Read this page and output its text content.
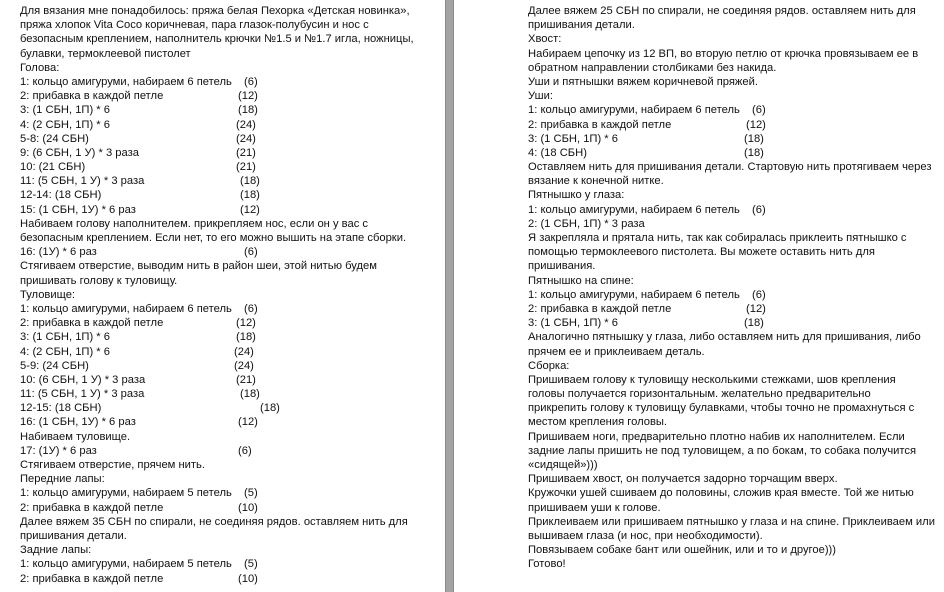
Для вязания мне понадобилось: пряжа белая Пехорка «Детская новинка»,
пряжа хлопок Vita Coco коричневая, пара глазок-полубусин и нос с
безопасным креплением, наполнитель крючки №1.5 и №1.7 игла, ножницы,
булавки, термоклеевой пистолет
Голова:
1: кольцо амигуруми, набираем 6 петель (6)
2: прибавка в каждой петле	(12)
3: (1 СБН, 1П) * 6	(18)
4: (2 СБН, 1П) * 6	(24)
5-8: (24 СБН)	(24)
9: (6 СБН, 1 У) * 3 раза	(21)
10: (21 СБН)	(21)
11: (5 СБН, 1 У) * 3 раза	(18)
12-14: (18 СБН)	(18)
15: (1 СБН, 1У) * 6 раз	(12)
Набиваем голову наполнителем. прикрепляем нос, если он у вас с
безопасным креплением. Если нет, то его можно вышить на этапе сборки.
16: (1У) * 6 раз	(6)
Стягиваем отверстие, выводим нить в район шеи, этой нитью будем
пришивать голову к туловищу.
Туловище:
1: кольцо амигуруми, набираем 6 петель (6)
2: прибавка в каждой петле	(12)
3: (1 СБН, 1П) * 6	(18)
4: (2 СБН, 1П) * 6	(24)
5-9: (24 СБН)	(24)
10: (6 СБН, 1 У) * 3 раза	(21)
11: (5 СБН, 1 У) * 3 раза	(18)
12-15: (18 СБН)	(18)
16: (1 СБН, 1У) * 6 раз	(12)
Набиваем туловище.
17: (1У) * 6 раз	(6)
Стягиваем отверстие, прячем нить.
Передние лапы:
1: кольцо амигуруми, набираем 5 петель (5)
2: прибавка в каждой петле	(10)
Далее вяжем 35 СБН по спирали, не соединяя рядов. оставляем нить для
пришивания детали.
Задние лапы:
1: кольцо амигуруми, набираем 5 петель (5)
2: прибавка в каждой петле	(10)
Далее вяжем 25 СБН по спирали, не соединяя рядов. оставляем нить для
пришивания детали.
Хвост:
Набираем цепочку из 12 ВП, во вторую петлю от крючка провязываем ее в
обратном направлении столбиками без накида.
Уши и пятнышки вяжем коричневой пряжей.
Уши:
1: кольцо амигуруми, набираем 6 петель (6)
2: прибавка в каждой петле	(12)
3: (1 СБН, 1П) * 6	(18)
4: (18 СБН)	(18)
Оставляем нить для пришивания детали. Стартовую нить протягиваем через
вязание к конечной нитке.
Пятнышко у глаза:
1: кольцо амигуруми, набираем 6 петель (6)
2: (1 СБН, 1П) * 3 раза
Я закрепляла и прятала нить, так как собиралась приклеить пятнышко с
помощью термоклеевого пистолета. Вы можете оставить нить для
пришивания.
Пятнышко на спине:
1: кольцо амигуруми, набираем 6 петель (6)
2: прибавка в каждой петле	(12)
3: (1 СБН, 1П) * 6	(18)
Аналогично пятнышку у глаза, либо оставляем нить для пришивания, либо
прячем ее и приклеиваем деталь.
Сборка:
Пришиваем голову к туловищу несколькими стежками, шов крепления
головы получается горизонтальным. желательно предварительно
прикрепить голову к туловищу булавками, чтобы точно не промахнуться с
местом крепления головы.
Пришиваем ноги, предварительно плотно набив их наполнителем. Если
задние лапы пришить не под туловищем, а по бокам, то собака получится
«сидящей»)))
Пришиваем хвост, он получается задорно торчащим вверх.
Кружочки ушей сшиваем до половины, сложив края вместе. Той же нитью
пришиваем уши к голове.
Приклеиваем или пришиваем пятнышко у глаза и на спине. Приклеиваем или
вышиваем глаза (и нос, при необходимости).
Повязываем собаке бант или ошейник, или и то и другое)))
Готово!
